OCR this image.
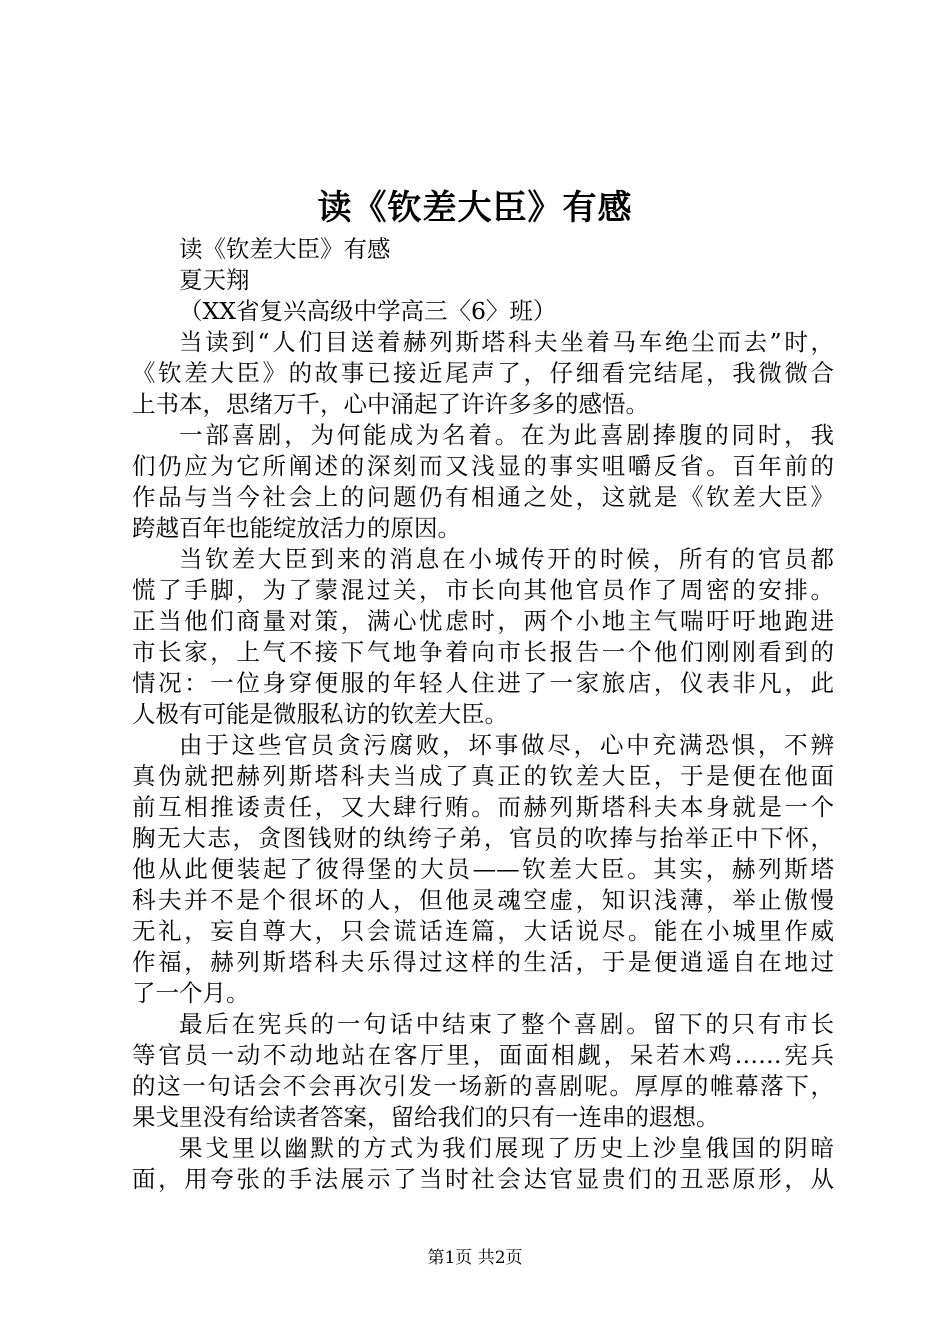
读《钦差大臣》有感
读《钦差大臣》有感
夏天翔
（XX省复兴高级中学高三〈6〉班）
当读到“人们目送着赫列斯塔科夫坐着马车绝尘而去”时，
《钦差大臣》的故事已接近尾声了，仔细看完结尾，我微微合
上书本，思绪万千，心中涌起了许许多多的感悟。
一部喜剧，为何能成为名着。在为此喜剧捧腹的同时，我
们仍应为它所阐述的深刻而又浅显的事实咀嚼反省。百年前的
作品与当今社会上的问题仍有相通之处，这就是《钦差大臣》
跨越百年也能绽放活力的原因。
当钦差大臣到来的消息在小城传开的时候，所有的官员都
慌了手脚，为了蒙混过关，市长向其他官员作了周密的安排。
正当他们商量对策，满心忧虑时，两个小地主气喘吁吁地跑进
市长家，上气不接下气地争着向市长报告一个他们刚刚看到的
情况：一位身穿便服的年轻人住进了一家旅店，仪表非凡，此
人极有可能是微服私访的钦差大臣。
由于这些官员贪污腐败，坏事做尽，心中充满恐惧，不辨
真伪就把赫列斯塔科夫当成了真正的钦差大臣，于是便在他面
前互相推诿责任，又大肆行贿。而赫列斯塔科夫本身就是一个
胸无大志，贪图钱财的纨绔子弟，官员的吹捧与抬举正中下怀，
他从此便装起了彼得堡的大员——钦差大臣。其实，赫列斯塔
科夫并不是个很坏的人，但他灵魂空虚，知识浅薄，举止傲慢
无礼，妄自尊大，只会谎话连篇，大话说尽。能在小城里作威
作福，赫列斯塔科夫乐得过这样的生活，于是便逍遥自在地过
了一个月。
最后在宪兵的一句话中结束了整个喜剧。留下的只有市长
等官员一动不动地站在客厅里，面面相觑，呆若木鸡……宪兵
的这一句话会不会再次引发一场新的喜剧呢。厚厚的帷幕落下，
果戈里没有给读者答案，留给我们的只有一连串的遐想。
果戈里以幽默的方式为我们展现了历史上沙皇俄国的阴暗
面，用夸张的手法展示了当时社会达官显贵们的丑恶原形，从
第1页 共2页
